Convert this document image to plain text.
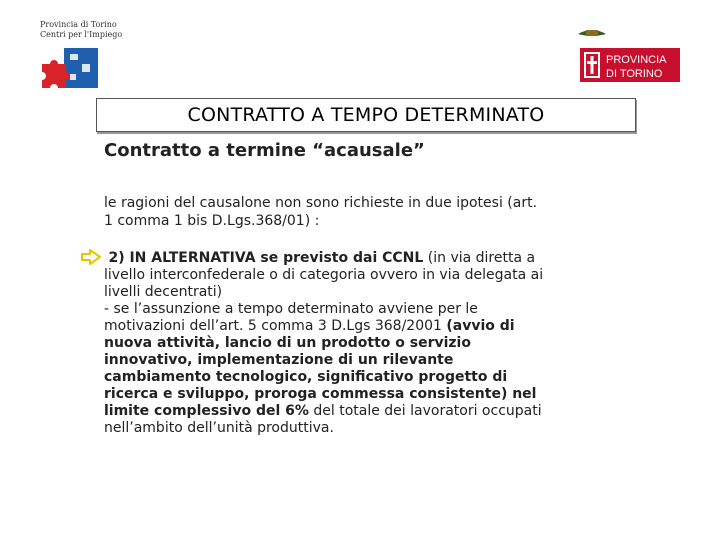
Provincia di Torino
Centri per l'Impiego
PROVINCIA
DI TORINO
CONTRATTO A TEMPO DETERMINATO
Contratto a termine “acausale”
le ragioni del causalone non sono richieste in due ipotesi (art.
1 comma 1 bis D.Lgs.368/01) :
2) IN ALTERNATIVA se previsto dai CCNL (in via diretta a
livello interconfederale o di categoria ovvero in via delegata ai
livelli decentrati)
- se l’assunzione a tempo determinato avviene per le
motivazioni dell’art. 5 comma 3 D.Lgs 368/2001 (avvio di
nuova attività, lancio di un prodotto o servizio
innovativo, implementazione di un rilevante
cambiamento tecnologico, significativo progetto di
ricerca e sviluppo, proroga commessa consistente) nel
limite complessivo del 6% del totale dei lavoratori occupati
nell’ambito dell’unità produttiva.
